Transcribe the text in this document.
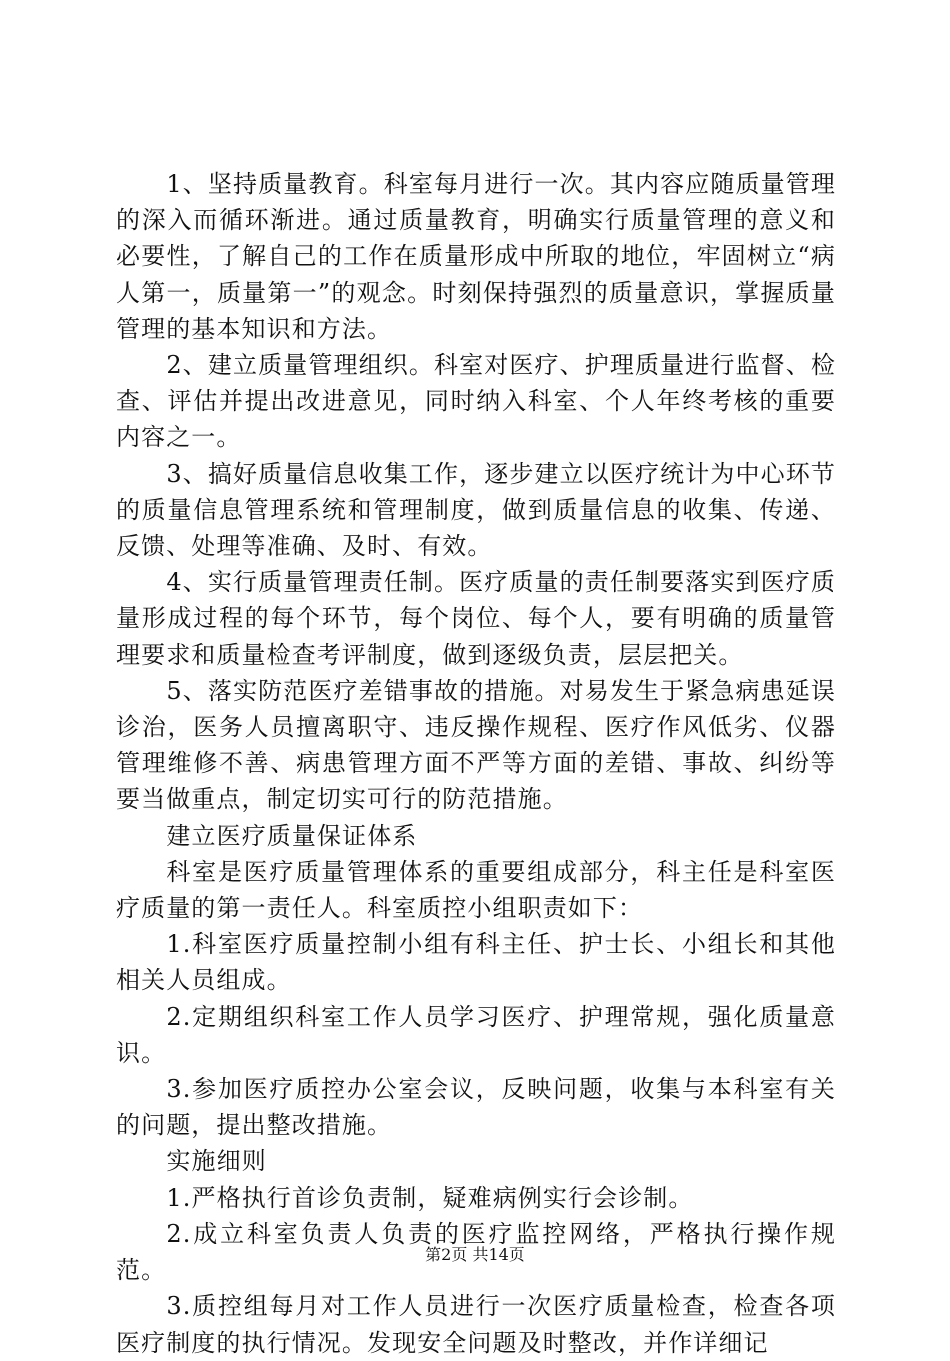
1、坚持质量教育。科室每月进行一次。其内容应随质量管理的深入而循环渐进。通过质量教育，明确实行质量管理的意义和必要性，了解自己的工作在质量形成中所取的地位，牢固树立“病人第一，质量第一”的观念。时刻保持强烈的质量意识，掌握质量管理的基本知识和方法。

2、建立质量管理组织。科室对医疗、护理质量进行监督、检查、评估并提出改进意见，同时纳入科室、个人年终考核的重要内容之一。

3、搞好质量信息收集工作，逐步建立以医疗统计为中心环节的质量信息管理系统和管理制度，做到质量信息的收集、传递、反馈、处理等准确、及时、有效。

4、实行质量管理责任制。医疗质量的责任制要落实到医疗质量形成过程的每个环节，每个岗位、每个人，要有明确的质量管理要求和质量检查考评制度，做到逐级负责，层层把关。

5、落实防范医疗差错事故的措施。对易发生于紧急病患延误诊治，医务人员擅离职守、违反操作规程、医疗作风低劣、仪器管理维修不善、病患管理方面不严等方面的差错、事故、纠纷等要当做重点，制定切实可行的防范措施。

建立医疗质量保证体系

科室是医疗质量管理体系的重要组成部分，科主任是科室医疗质量的第一责任人。科室质控小组职责如下：

1.科室医疗质量控制小组有科主任、护士长、小组长和其他相关人员组成。

2.定期组织科室工作人员学习医疗、护理常规，强化质量意识。

3.参加医疗质控办公室会议，反映问题，收集与本科室有关的问题，提出整改措施。

实施细则

1.严格执行首诊负责制，疑难病例实行会诊制。

2.成立科室负责人负责的医疗监控网络，严格执行操作规范。

3.质控组每月对工作人员进行一次医疗质量检查，检查各项医疗制度的执行情况。发现安全问题及时整改，并作详细记

第2页 共14页
